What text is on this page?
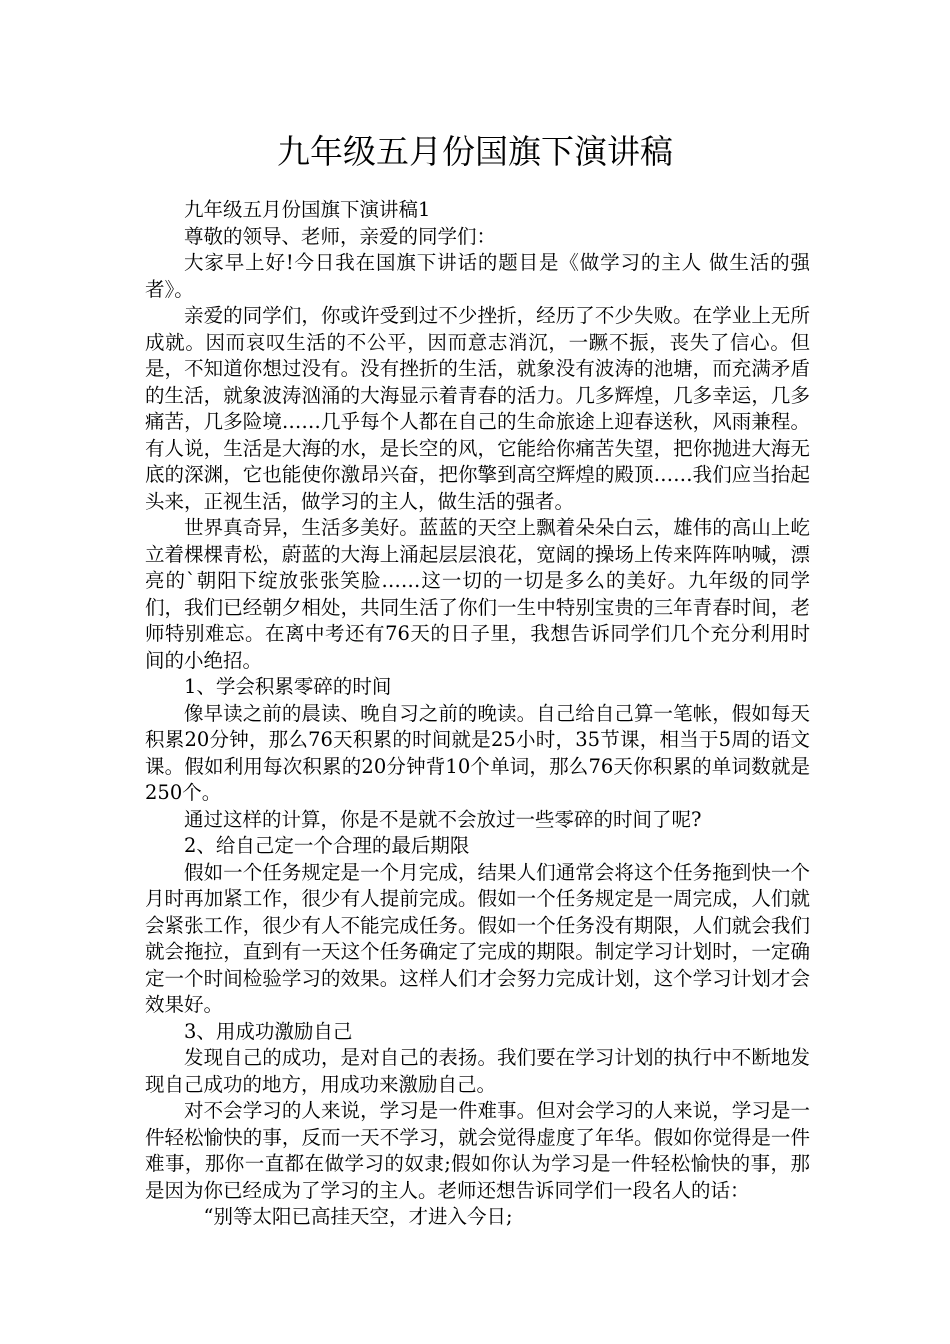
九年级五月份国旗下演讲稿

九年级五月份国旗下演讲稿1

尊敬的领导、老师，亲爱的同学们：

大家早上好!今日我在国旗下讲话的题目是《做学习的主人 做生活的强者》。

亲爱的同学们，你或许受到过不少挫折，经历了不少失败。在学业上无所成就。因而哀叹生活的不公平，因而意志消沉，一蹶不振，丧失了信心。但是，不知道你想过没有。没有挫折的生活，就象没有波涛的池塘，而充满矛盾的生活，就象波涛汹涌的大海显示着青春的活力。几多辉煌，几多幸运，几多痛苦，几多险境……几乎每个人都在自己的生命旅途上迎春送秋，风雨兼程。有人说，生活是大海的水，是长空的风，它能给你痛苦失望，把你抛进大海无底的深渊，它也能使你激昂兴奋，把你擎到高空辉煌的殿顶……我们应当抬起头来，正视生活，做学习的主人，做生活的强者。

世界真奇异，生活多美好。蓝蓝的天空上飘着朵朵白云，雄伟的高山上屹立着棵棵青松，蔚蓝的大海上涌起层层浪花，宽阔的操场上传来阵阵呐喊，漂亮的`朝阳下绽放张张笑脸……这一切的一切是多么的美好。九年级的同学们，我们已经朝夕相处，共同生活了你们一生中特别宝贵的三年青春时间，老师特别难忘。在离中考还有76天的日子里，我想告诉同学们几个充分利用时间的小绝招。

1、学会积累零碎的时间

像早读之前的晨读、晚自习之前的晚读。自己给自己算一笔帐，假如每天积累20分钟，那么76天积累的时间就是25小时，35节课，相当于5周的语文课。假如利用每次积累的20分钟背10个单词，那么76天你积累的单词数就是250个。

通过这样的计算，你是不是就不会放过一些零碎的时间了呢?

2、给自己定一个合理的最后期限

假如一个任务规定是一个月完成，结果人们通常会将这个任务拖到快一个月时再加紧工作，很少有人提前完成。假如一个任务规定是一周完成，人们就会紧张工作，很少有人不能完成任务。假如一个任务没有期限，人们就会我们就会拖拉，直到有一天这个任务确定了完成的期限。制定学习计划时，一定确定一个时间检验学习的效果。这样人们才会努力完成计划，这个学习计划才会效果好。

3、用成功激励自己

发现自己的成功，是对自己的表扬。我们要在学习计划的执行中不断地发现自己成功的地方，用成功来激励自己。

对不会学习的人来说，学习是一件难事。但对会学习的人来说，学习是一件轻松愉快的事，反而一天不学习，就会觉得虚度了年华。假如你觉得是一件难事，那你一直都在做学习的奴隶;假如你认为学习是一件轻松愉快的事，那是因为你已经成为了学习的主人。老师还想告诉同学们一段名人的话：

“别等太阳已高挂天空，才进入今日;
